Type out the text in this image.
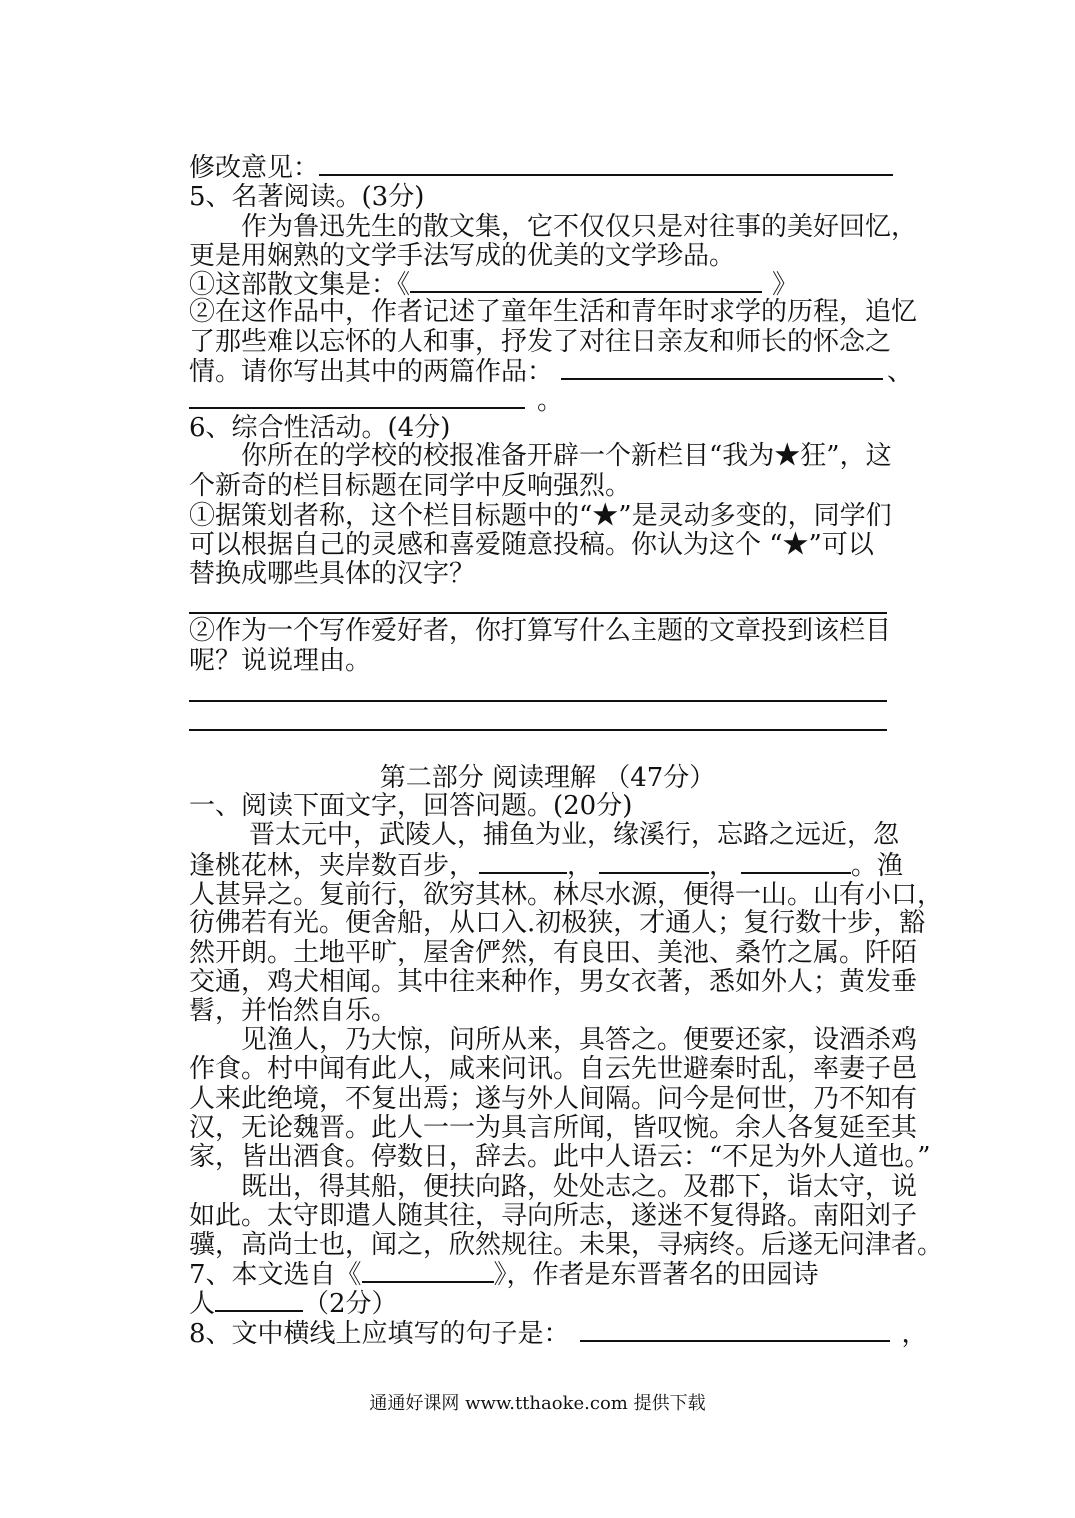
修改意见：
5、名著阅读。(3分)
作为鲁迅先生的散文集，它不仅仅只是对往事的美好回忆，
更是用娴熟的文学手法写成的优美的文学珍品。
①这部散文集是：《	》
②在这作品中，作者记述了童年生活和青年时求学的历程，追忆
了那些难以忘怀的人和事，抒发了对往日亲友和师长的怀念之
情。请你写出其中的两篇作品：	、
。
6、综合性活动。(4分)
你所在的学校的校报准备开辟一个新栏目“我为★狂”，这
个新奇的栏目标题在同学中反响强烈。
①据策划者称，这个栏目标题中的“★”是灵动多变的，同学们
可以根据自己的灵感和喜爱随意投稿。你认为这个 “★”可以
替换成哪些具体的汉字？
②作为一个写作爱好者，你打算写什么主题的文章投到该栏目
呢？说说理由。
第二部分 阅读理解 （47分）
一、阅读下面文字，回答问题。(20分)
晋太元中，武陵人，捕鱼为业，缘溪行，忘路之远近，忽
逢桃花林，夹岸数百步，	，	，	。渔
人甚异之。复前行，欲穷其林。林尽水源，便得一山。山有小口，
彷佛若有光。便舍船，从口入.初极狭，才通人；复行数十步，豁
然开朗。土地平旷，屋舍俨然，有良田、美池、桑竹之属。阡陌
交通，鸡犬相闻。其中往来种作，男女衣著，悉如外人；黄发垂
髫，并怡然自乐。
见渔人，乃大惊，问所从来，具答之。便要还家，设酒杀鸡
作食。村中闻有此人，咸来问讯。自云先世避秦时乱，率妻子邑
人来此绝境，不复出焉；遂与外人间隔。问今是何世，乃不知有
汉，无论魏晋。此人一一为具言所闻，皆叹惋。余人各复延至其
家，皆出酒食。停数日，辞去。此中人语云：“不足为外人道也。”
既出，得其船，便扶向路，处处志之。及郡下，诣太守，说
如此。太守即遣人随其往，寻向所志，遂迷不复得路。南阳刘子
骥，高尚士也，闻之，欣然规往。未果，寻病终。后遂无问津者。
7、本文选自《	》，作者是东晋著名的田园诗
人	（2分）
8、文中横线上应填写的句子是：	，
通通好课网 www.tthaoke.com 提供下载
